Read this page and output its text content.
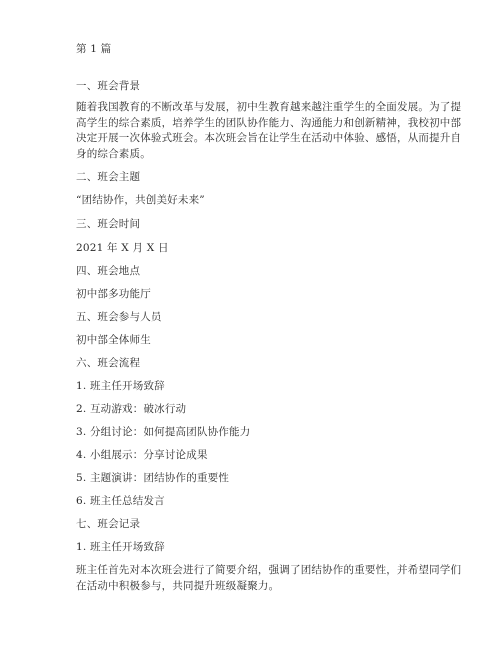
第 1 篇
一、班会背景
随着我国教育的不断改革与发展，初中生教育越来越注重学生的全面发展。为了提
高学生的综合素质，培养学生的团队协作能力、沟通能力和创新精神，我校初中部
决定开展一次体验式班会。本次班会旨在让学生在活动中体验、感悟，从而提升自
身的综合素质。
二、班会主题
“团结协作，共创美好未来”
三、班会时间
2021 年 X 月 X 日
四、班会地点
初中部多功能厅
五、班会参与人员
初中部全体师生
六、班会流程
1. 班主任开场致辞
2. 互动游戏：破冰行动
3. 分组讨论：如何提高团队协作能力
4. 小组展示：分享讨论成果
5. 主题演讲：团结协作的重要性
6. 班主任总结发言
七、班会记录
1. 班主任开场致辞
班主任首先对本次班会进行了简要介绍，强调了团结协作的重要性，并希望同学们
在活动中积极参与，共同提升班级凝聚力。
